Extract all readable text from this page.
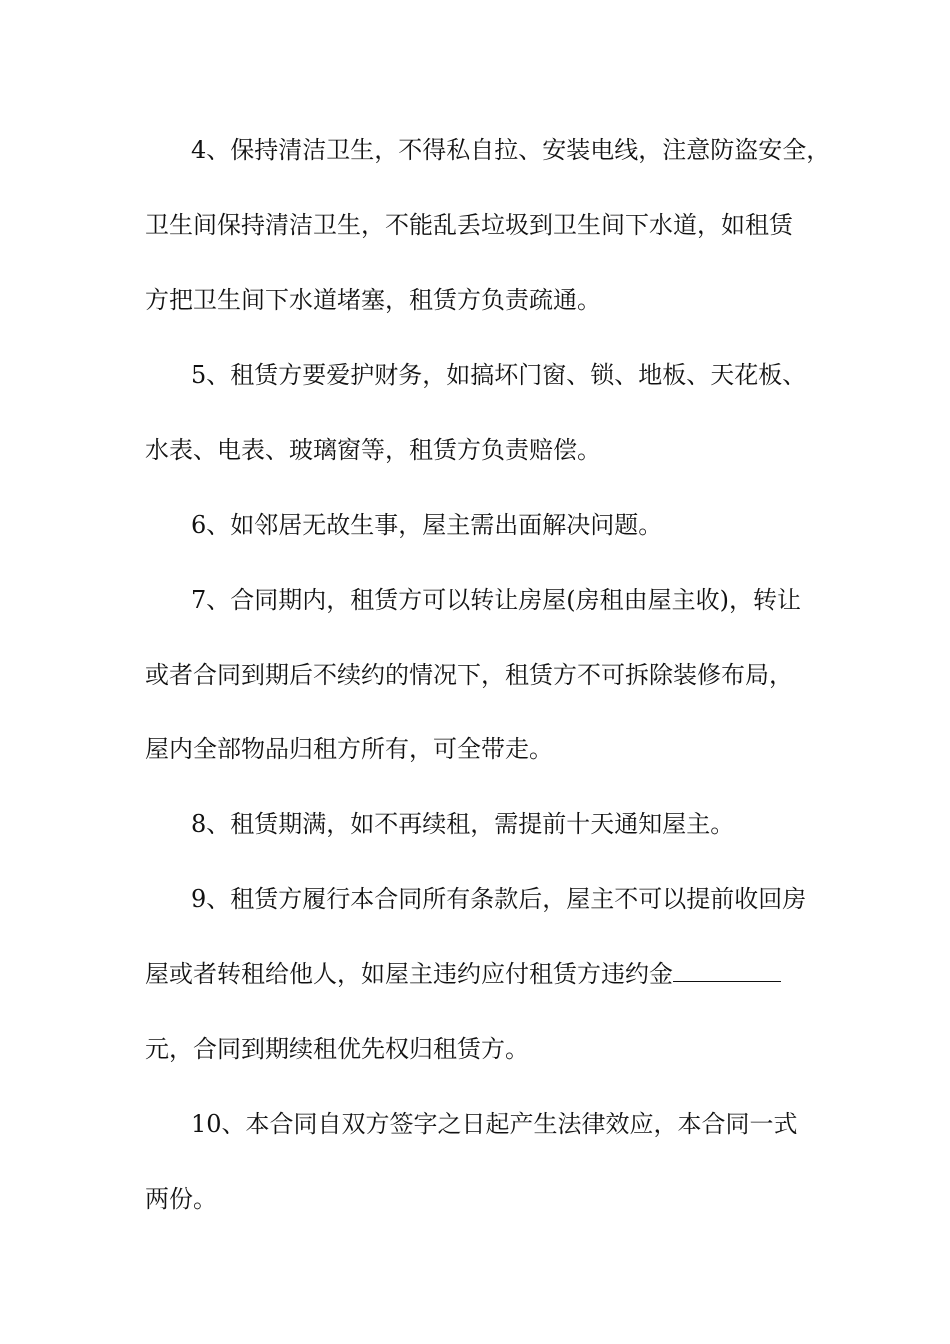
4、保持清洁卫生，不得私自拉、安装电线，注意防盗安全，
卫生间保持清洁卫生，不能乱丢垃圾到卫生间下水道，如租赁
方把卫生间下水道堵塞，租赁方负责疏通。
5、租赁方要爱护财务，如搞坏门窗、锁、地板、天花板、
水表、电表、玻璃窗等，租赁方负责赔偿。
6、如邻居无故生事，屋主需出面解决问题。
7、合同期内，租赁方可以转让房屋(房租由屋主收)，转让
或者合同到期后不续约的情况下，租赁方不可拆除装修布局，
屋内全部物品归租方所有，可全带走。
8、租赁期满，如不再续租，需提前十天通知屋主。
9、租赁方履行本合同所有条款后，屋主不可以提前收回房
屋或者转租给他人，如屋主违约应付租赁方违约金
元，合同到期续租优先权归租赁方。
10、本合同自双方签字之日起产生法律效应，本合同一式
两份。
